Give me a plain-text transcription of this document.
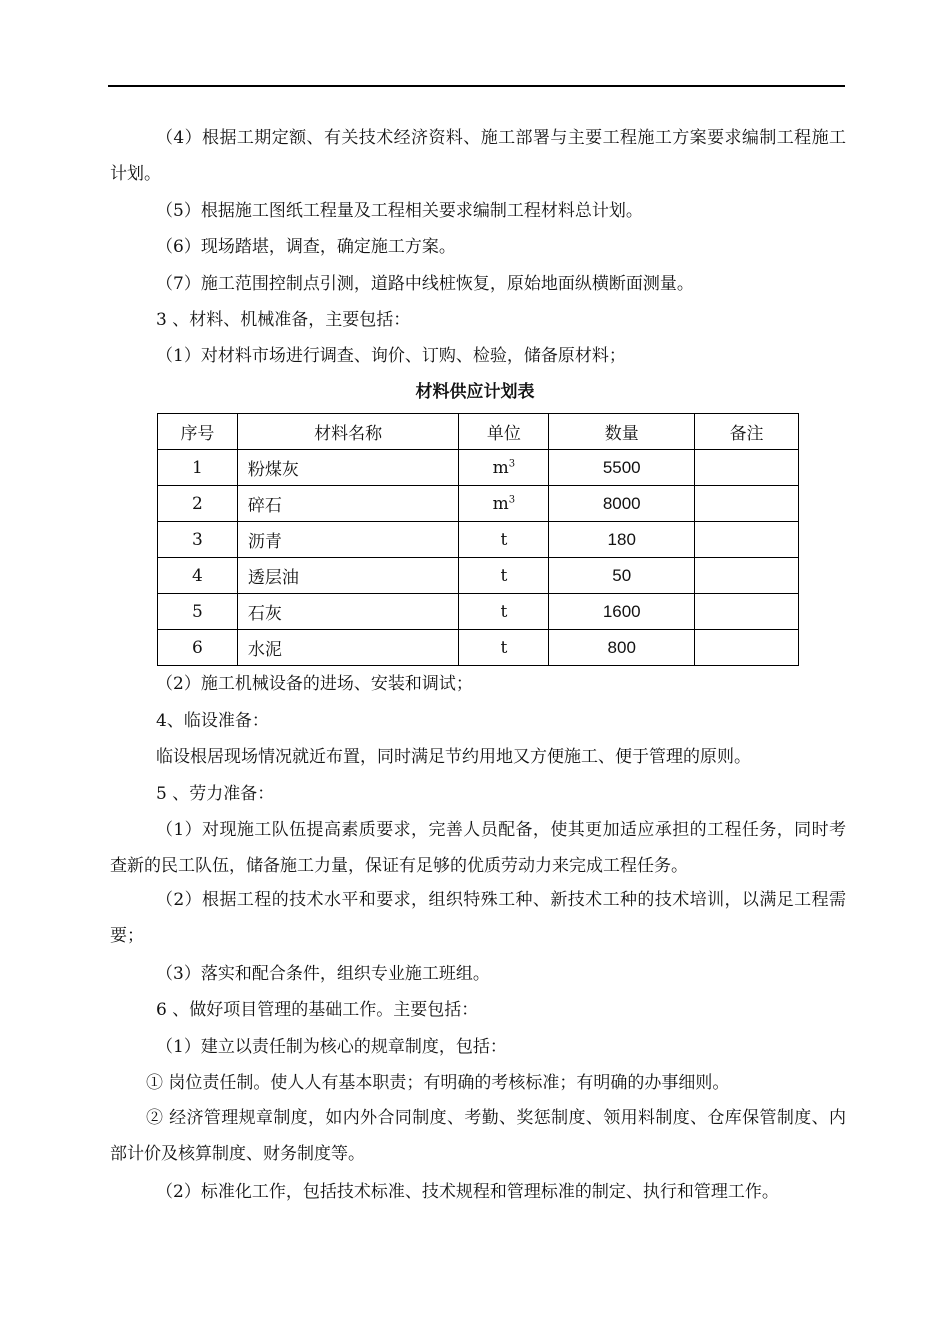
（4）根据工期定额、有关技术经济资料、施工部署与主要工程施工方案要求编制工程施工计划。
（5）根据施工图纸工程量及工程相关要求编制工程材料总计划。
（6）现场踏堪，调查，确定施工方案。
（7）施工范围控制点引测，道路中线桩恢复，原始地面纵横断面测量。
3 、材料、机械准备，主要包括：
（1）对材料市场进行调查、询价、订购、检验，储备原材料；
材料供应计划表
序号	材料名称	单位	数量	备注
1	粉煤灰	$m^3$	5500	
2	碎石	$m^3$	8000	
3	沥青	t	180	
4	透层油	t	50	
5	石灰	t	1600	
6	水泥	t	800	
（2）施工机械设备的进场、安装和调试；
4、临设准备：
临设根居现场情况就近布置，同时满足节约用地又方便施工、便于管理的原则。
5 、劳力准备：
（1）对现施工队伍提高素质要求，完善人员配备，使其更加适应承担的工程任务，同时考查新的民工队伍，储备施工力量，保证有足够的优质劳动力来完成工程任务。
（2）根据工程的技术水平和要求，组织特殊工种、新技术工种的技术培训，以满足工程需要；
（3）落实和配合条件，组织专业施工班组。
6 、做好项目管理的基础工作。主要包括：
（1）建立以责任制为核心的规章制度，包括：
① 岗位责任制。使人人有基本职责；有明确的考核标准；有明确的办事细则。
② 经济管理规章制度，如内外合同制度、考勤、奖惩制度、领用料制度、仓库保管制度、内部计价及核算制度、财务制度等。
（2）标准化工作，包括技术标准、技术规程和管理标准的制定、执行和管理工作。
